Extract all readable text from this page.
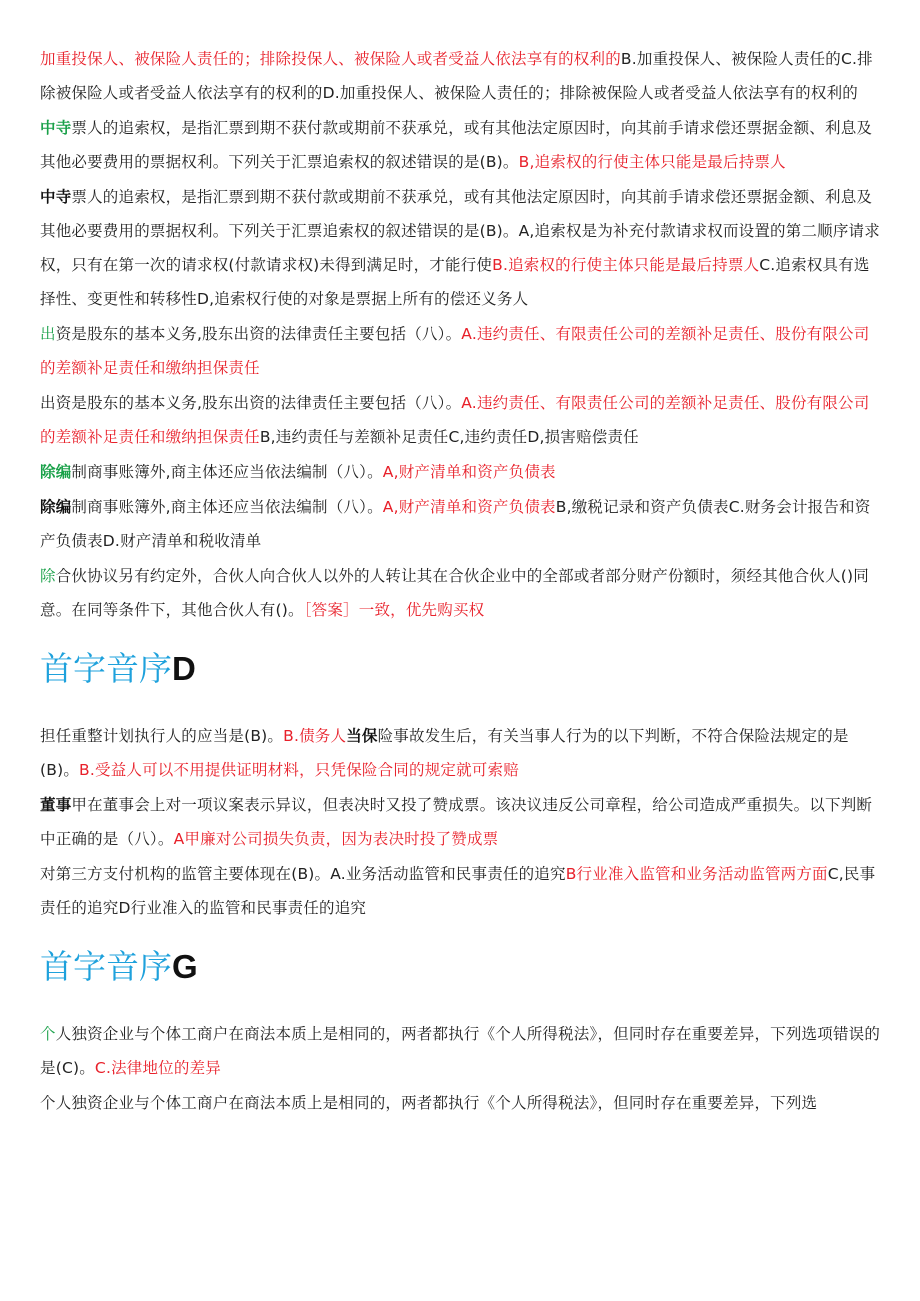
加重投保人、被保险人责任的；排除投保人、被保险人或者受益人依法享有的权利的B.加重投保人、被保险人责任的C.排除被保险人或者受益人依法享有的权利的D.加重投保人、被保险人责任的；排除被保险人或者受益人依法享有的权利的

中寺票人的追索权，是指汇票到期不获付款或期前不获承兑，或有其他法定原因时，向其前手请求偿还票据金额、利息及其他必要费用的票据权利。下列关于汇票追索权的叙述错误的是(B)。B,追索权的行使主体只能是最后持票人

中寺票人的追索权，是指汇票到期不获付款或期前不获承兑，或有其他法定原因时，向其前手请求偿还票据金额、利息及其他必要费用的票据权利。下列关于汇票追索权的叙述错误的是(B)。A,追索权是为补充付款请求权而设置的第二顺序请求权，只有在第一次的请求权(付款请求权)未得到满足时，才能行使B.追索权的行使主体只能是最后持票人C.追索权具有选择性、变更性和转移性D,追索权行使的对象是票据上所有的偿还义务人

出资是股东的基本义务,股东出资的法律责任主要包括（八）。A.违约责任、有限责任公司的差额补足责任、股份有限公司的差额补足责任和缴纳担保责任

出资是股东的基本义务,股东出资的法律责任主要包括（八）。A.违约责任、有限责任公司的差额补足责任、股份有限公司的差额补足责任和缴纳担保责任B,违约责任与差额补足责任C,违约责任D,损害赔偿责任

除编制商事账簿外,商主体还应当依法编制（八）。A,财产清单和资产负债表

除编制商事账簿外,商主体还应当依法编制（八）。A,财产清单和资产负债表B,缴税记录和资产负债表C.财务会计报告和资产负债表D.财产清单和税收清单

除合伙协议另有约定外，合伙人向合伙人以外的人转让其在合伙企业中的全部或者部分财产份额时，须经其他合伙人()同意。在同等条件下，其他合伙人有()。［答案］一致，优先购买权

首字音序D

担任重整计划执行人的应当是(B)。B.债务人当保险事故发生后，有关当事人行为的以下判断，不符合保险法规定的是(B)。B.受益人可以不用提供证明材料，只凭保险合同的规定就可索赔

董事甲在董事会上对一项议案表示异议，但表决时又投了赞成票。该决议违反公司章程，给公司造成严重损失。以下判断中正确的是（八）。A甲廉对公司损失负责，因为表决时投了赞成票

对第三方支付机构的监管主要体现在(B)。A.业务活动监管和民事责任的追究B行业准入监管和业务活动监管两方面C,民事责任的追究D行业准入的监管和民事责任的追究

首字音序G

个人独资企业与个体工商户在商法本质上是相同的，两者都执行《个人所得税法》，但同时存在重要差异，下列选项错误的是(C)。C.法律地位的差异

个人独资企业与个体工商户在商法本质上是相同的，两者都执行《个人所得税法》，但同时存在重要差异，下列选
